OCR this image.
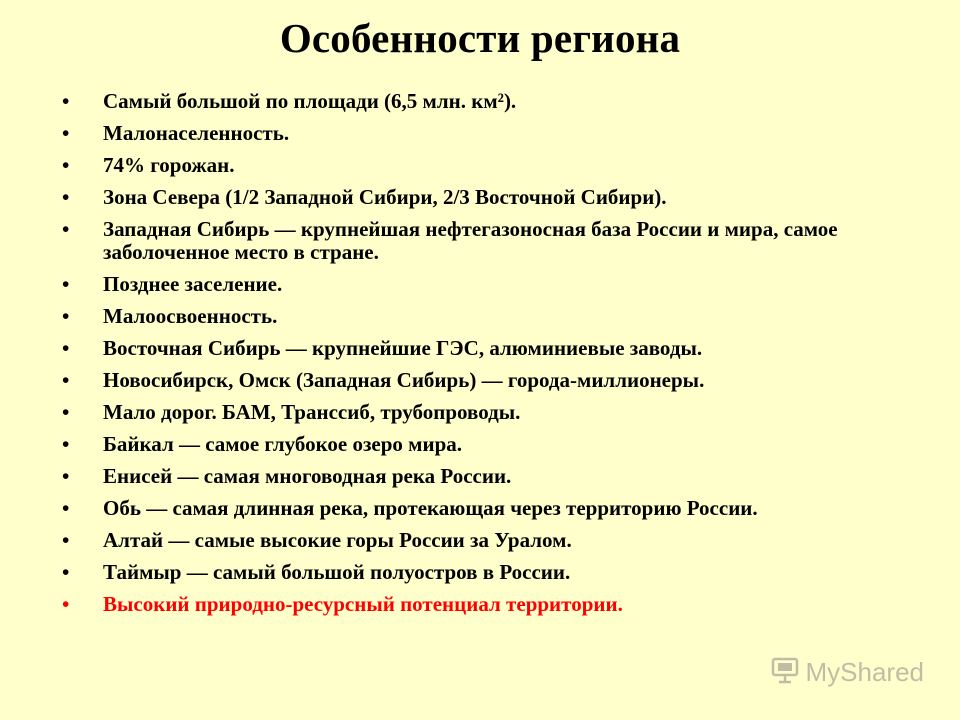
Особенности региона
•	Самый большой по площади (6,5 млн. км²).
•	Малонаселенность.
•	74% горожан.
•	Зона Севера (1/2 Западной Сибири, 2/3 Восточной Сибири).
•	Западная Сибирь — крупнейшая нефтегазоносная база России и мира, самое заболоченное место в стране.
•	Позднее заселение.
•	Малоосвоенность.
•	Восточная Сибирь — крупнейшие ГЭС, алюминиевые заводы.
•	Новосибирск, Омск (Западная Сибирь) — города-миллионеры.
•	Мало дорог. БАМ, Транссиб, трубопроводы.
•	Байкал — самое глубокое озеро мира.
•	Енисей — самая многоводная река России.
•	Обь — самая длинная река, протекающая через территорию России.
•	Алтай — самые высокие горы России за Уралом.
•	Таймыр — самый большой полуостров в России.
•	Высокий природно-ресурсный потенциал территории.
MyShared
